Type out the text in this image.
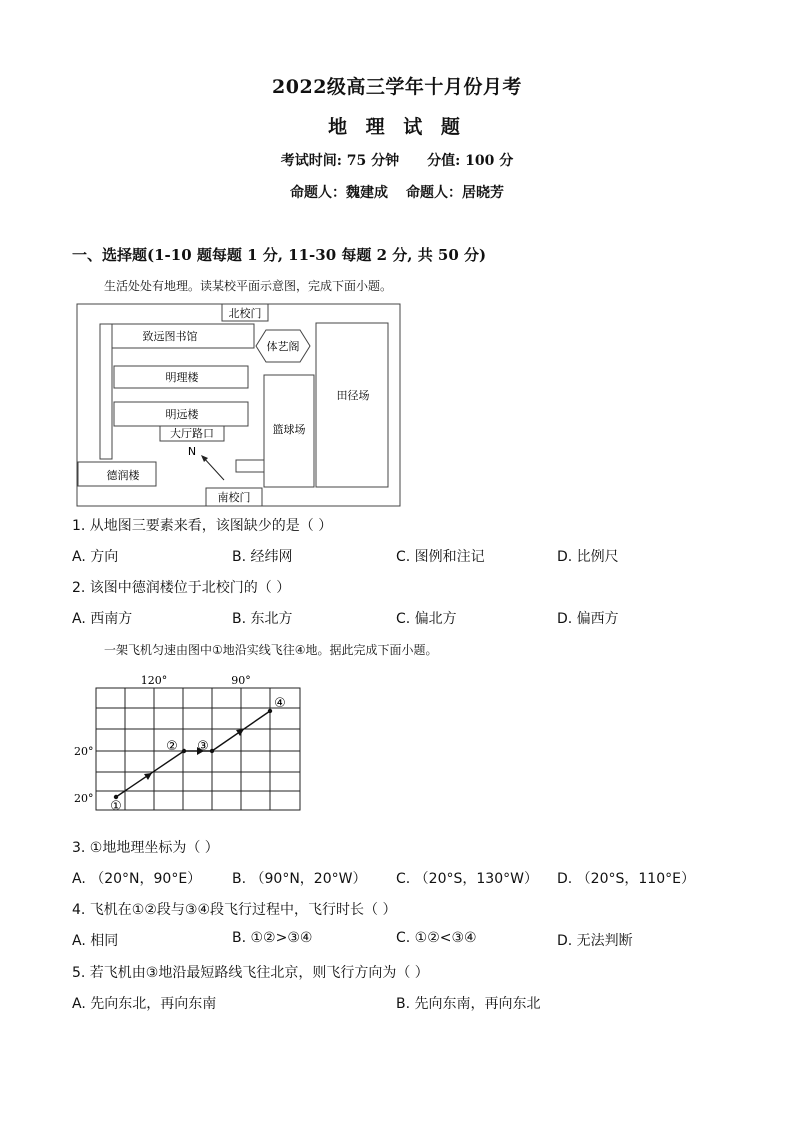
2022级高三学年十月份月考
地 理 试 题
考试时间: 75 分钟 分值: 100 分
命题人：魏建成 命题人：居晓芳
一、选择题(1-10 题每题 1 分, 11-30 每题 2 分, 共 50 分)
生活处处有地理。读某校平面示意图，完成下面小题。
北校门
致远图书馆
体艺阁
明理楼
明远楼
大厅路口
田径场
篮球场
德润楼
南校门
N
1. 从地图三要素来看，该图缺少的是（ ）
A. 方向	B. 经纬网	C. 图例和注记	D. 比例尺
2. 该图中德润楼位于北校门的（ ）
A. 西南方	B. 东北方	C. 偏北方	D. 偏西方
一架飞机匀速由图中①地沿实线飞往④地。据此完成下面小题。
120°	90°
20°
20°
①
② ③
④
3. ①地地理坐标为（ ）
A. （20°N，90°E） B. （90°N，20°W） C. （20°S，130°W） D. （20°S，110°E）
4. 飞机在①②段与③④段飞行过程中，飞行时长（ ）
A. 相同	B. ①②>③④	C. ①②<③④	D. 无法判断
5. 若飞机由③地沿最短路线飞往北京，则飞行方向为（ ）
A. 先向东北，再向东南	B. 先向东南，再向东北
